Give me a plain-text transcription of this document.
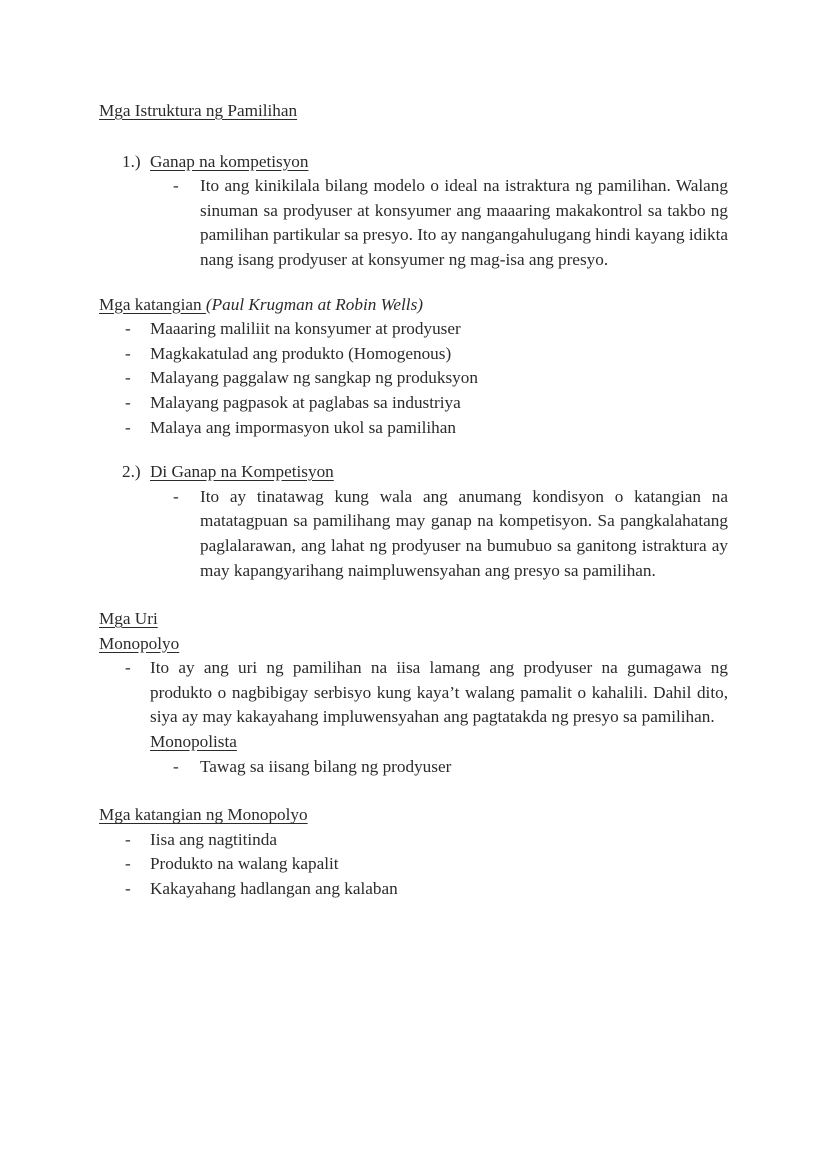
Mga Istruktura ng Pamilihan
1.) Ganap na kompetisyon
-	Ito ang kinikilala bilang modelo o ideal na istraktura ng pamilihan. Walang sinuman sa prodyuser at konsyumer ang maaaring makakontrol sa takbo ng pamilihan partikular sa presyo. Ito ay nangangahulugang hindi kayang idikta nang isang prodyuser at konsyumer ng mag-isa ang presyo.
Mga katangian (Paul Krugman at Robin Wells)
-	Maaaring maliliit na konsyumer at prodyuser
-	Magkakatulad ang produkto (Homogenous)
-	Malayang paggalaw ng sangkap ng produksyon
-	Malayang pagpasok at paglabas sa industriya
-	Malaya ang impormasyon ukol sa pamilihan
2.) Di Ganap na Kompetisyon
-	Ito ay tinatawag kung wala ang anumang kondisyon o katangian na matatagpuan sa pamilihang may ganap na kompetisyon. Sa pangkalahatang paglalarawan, ang lahat ng prodyuser na bumubuo sa ganitong istraktura ay may kapangyarihang naimpluwensyahan ang presyo sa pamilihan.
Mga Uri
Monopolyo
-	Ito ay ang uri ng pamilihan na iisa lamang ang prodyuser na gumagawa ng produkto o nagbibigay serbisyo kung kaya’t walang pamalit o kahalili. Dahil dito, siya ay may kakayahang impluwensyahan ang pagtatakda ng presyo sa pamilihan.
Monopolista
-	Tawag sa iisang bilang ng prodyuser
Mga katangian ng Monopolyo
-	Iisa ang nagtitinda
-	Produkto na walang kapalit
-	Kakayahang hadlangan ang kalaban
